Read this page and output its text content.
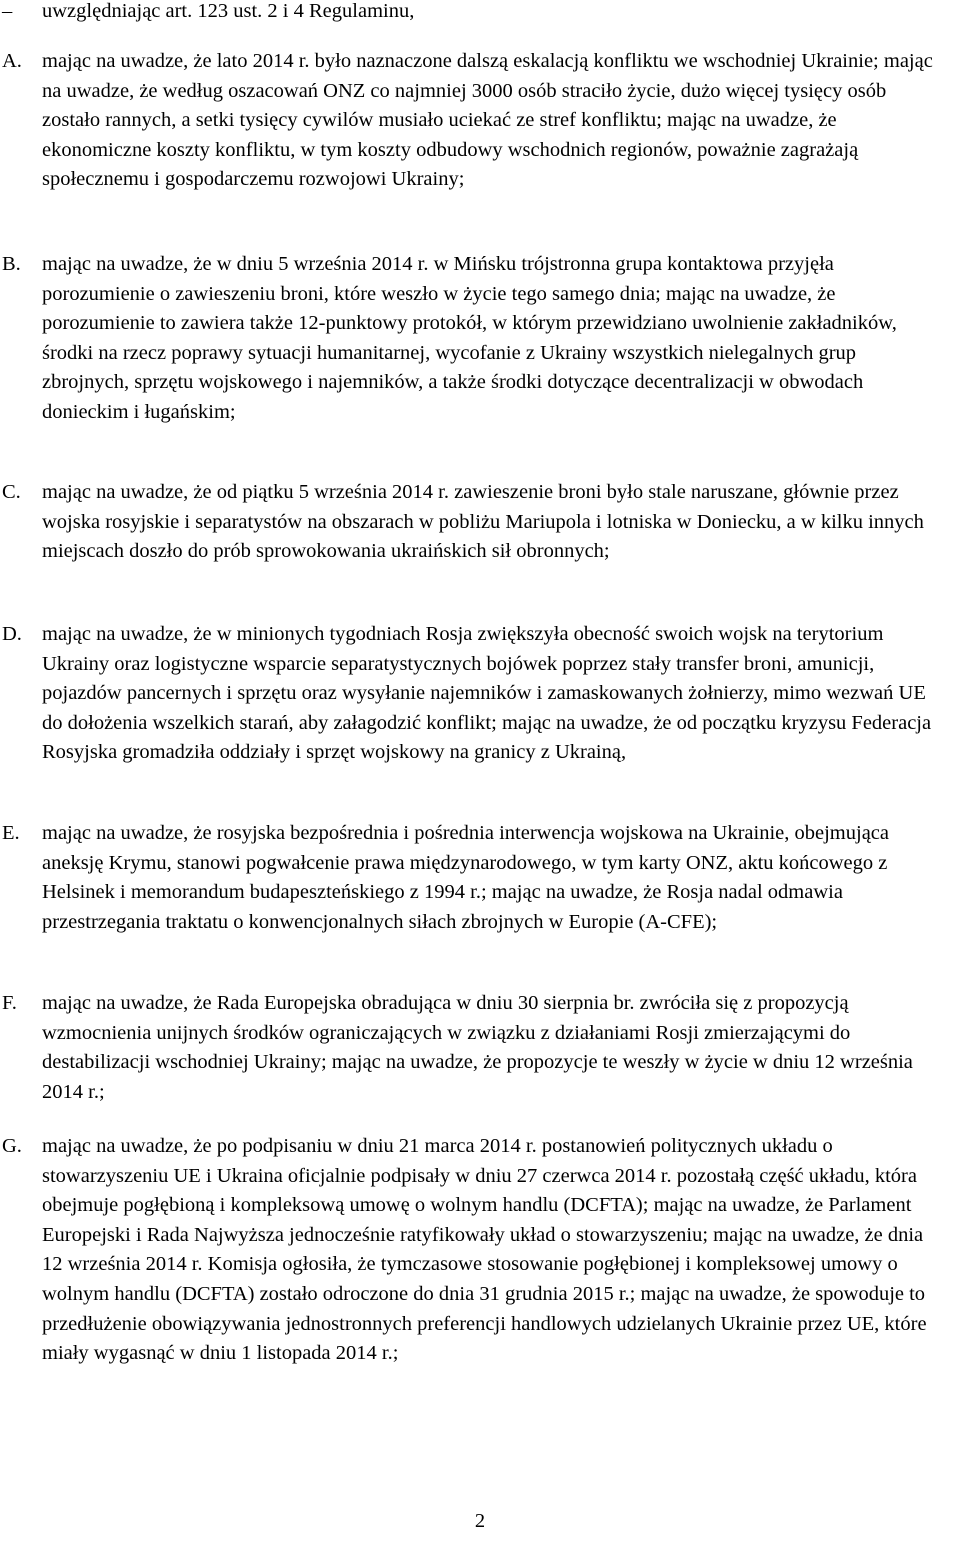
– uwzględniając art. 123 ust. 2 i 4 Regulaminu,
A. mając na uwadze, że lato 2014 r. było naznaczone dalszą eskalacją konfliktu we wschodniej Ukrainie; mając na uwadze, że według oszacowań ONZ co najmniej 3000 osób straciło życie, dużo więcej tysięcy osób zostało rannych, a setki tysięcy cywilów musiało uciekać ze stref konfliktu; mając na uwadze, że ekonomiczne koszty konfliktu, w tym koszty odbudowy wschodnich regionów, poważnie zagrażają społecznemu i gospodarczemu rozwojowi Ukrainy;
B.	mając na uwadze, że w dniu 5 września 2014 r. w Mińsku trójstronna grupa kontaktowa przyjęła porozumienie o zawieszeniu broni, które weszło w życie tego samego dnia; mając na uwadze, że porozumienie to zawiera także 12-punktowy protokół, w którym przewidziano uwolnienie zakładników, środki na rzecz poprawy sytuacji humanitarnej, wycofanie z Ukrainy wszystkich nielegalnych grup zbrojnych, sprzętu wojskowego i najemników, a także środki dotyczące decentralizacji w obwodach donieckim i ługańskim;
C.	mając na uwadze, że od piątku 5 września 2014 r. zawieszenie broni było stale naruszane, głównie przez wojska rosyjskie i separatystów na obszarach w pobliżu Mariupola i lotniska w Doniecku, a w kilku innych miejscach doszło do prób sprowokowania ukraińskich sił obronnych;
D. mając na uwadze, że w minionych tygodniach Rosja zwiększyła obecność swoich wojsk na terytorium Ukrainy oraz logistyczne wsparcie separatystycznych bojówek poprzez stały transfer broni, amunicji, pojazdów pancernych i sprzętu oraz wysyłanie najemników i zamaskowanych żołnierzy, mimo wezwań UE do dołożenia wszelkich starań, aby załagodzić konflikt; mając na uwadze, że od początku kryzysu Federacja Rosyjska gromadziła oddziały i sprzęt wojskowy na granicy z Ukrainą,
E.	mając na uwadze, że rosyjska bezpośrednia i pośrednia interwencja wojskowa na Ukrainie, obejmująca aneksję Krymu, stanowi pogwałcenie prawa międzynarodowego, w tym karty ONZ, aktu końcowego z Helsinek i memorandum budapeszteńskiego z 1994 r.; mając na uwadze, że Rosja nadal odmawia przestrzegania traktatu o konwencjonalnych siłach zbrojnych w Europie (A-CFE);
F.	mając na uwadze, że Rada Europejska obradująca w dniu 30 sierpnia br. zwróciła się z propozycją wzmocnienia unijnych środków ograniczających w związku z działaniami Rosji zmierzającymi do destabilizacji wschodniej Ukrainy; mając na uwadze, że propozycje te weszły w życie w dniu 12 września 2014 r.;
G. mając na uwadze, że po podpisaniu w dniu 21 marca 2014 r. postanowień politycznych układu o stowarzyszeniu UE i Ukraina oficjalnie podpisały w dniu 27 czerwca 2014 r. pozostałą część układu, która obejmuje pogłębioną i kompleksową umowę o wolnym handlu (DCFTA); mając na uwadze, że Parlament Europejski i Rada Najwyższa jednocześnie ratyfikowały układ o stowarzyszeniu; mając na uwadze, że dnia 12 września 2014 r. Komisja ogłosiła, że tymczasowe stosowanie pogłębionej i kompleksowej umowy o wolnym handlu (DCFTA) zostało odroczone do dnia 31 grudnia 2015 r.; mając na uwadze, że spowoduje to przedłużenie obowiązywania jednostronnych preferencji handlowych udzielanych Ukrainie przez UE, które miały wygasnąć w dniu 1 listopada 2014 r.;
2
